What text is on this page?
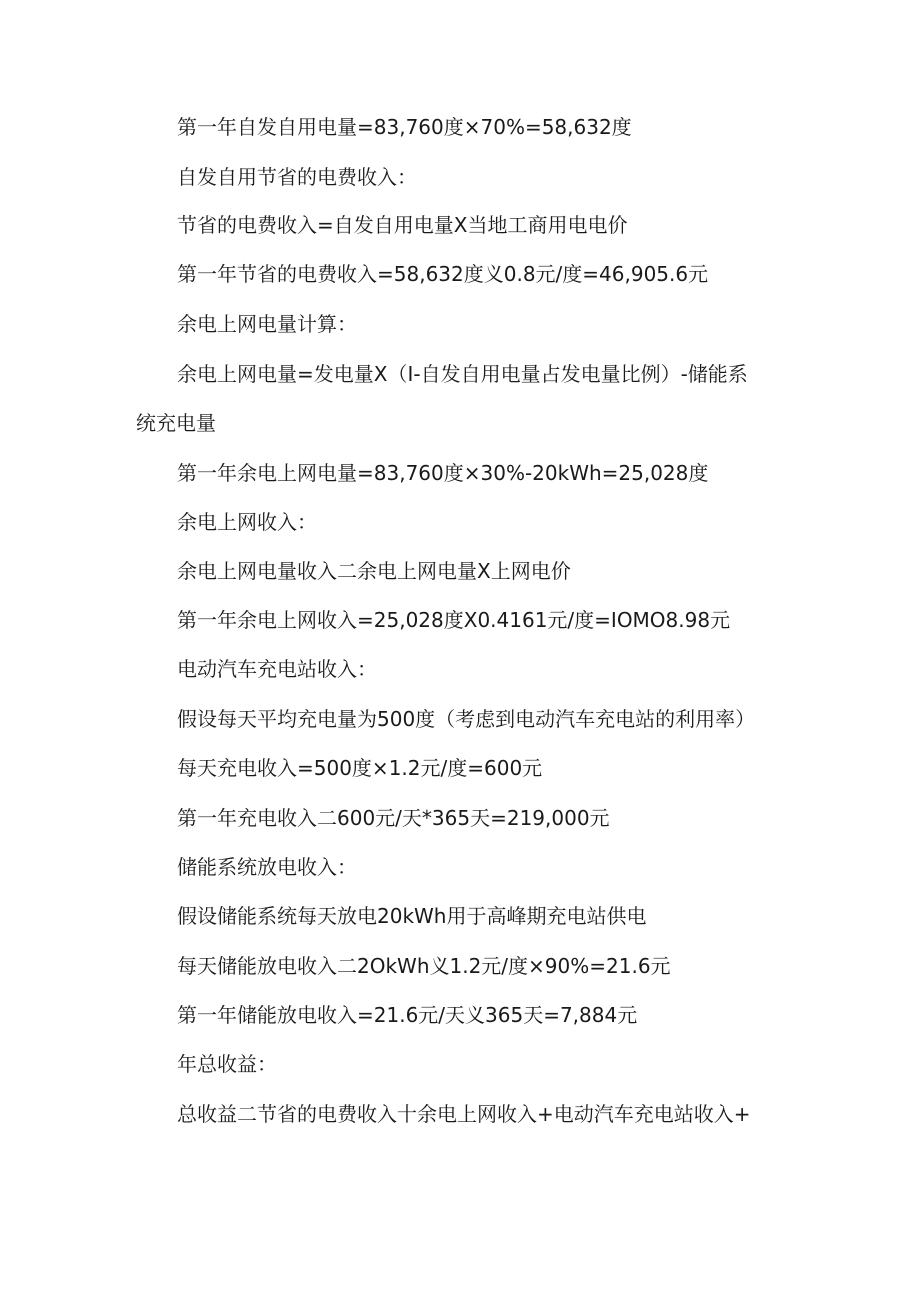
第一年自发自用电量=83,760度×70%=58,632度

自发自用节省的电费收入：

节省的电费收入=自发自用电量X当地工商用电电价

第一年节省的电费收入=58,632度义0.8元/度=46,905.6元

余电上网电量计算：

余电上网电量=发电量X（I-自发自用电量占发电量比例）-储能系

统充电量

第一年余电上网电量=83,760度×30%-20kWh=25,028度

余电上网收入：

余电上网电量收入二余电上网电量X上网电价

第一年余电上网收入=25,028度X0.4161元/度=IOMO8.98元

电动汽车充电站收入：

假设每天平均充电量为500度（考虑到电动汽车充电站的利用率）

每天充电收入=500度×1.2元/度=600元

第一年充电收入二600元/天*365天=219,000元

储能系统放电收入：

假设储能系统每天放电20kWh用于高峰期充电站供电

每天储能放电收入二2OkWh义1.2元/度×90%=21.6元

第一年储能放电收入=21.6元/天义365天=7,884元

年总收益：

总收益二节省的电费收入十余电上网收入+电动汽车充电站收入+
